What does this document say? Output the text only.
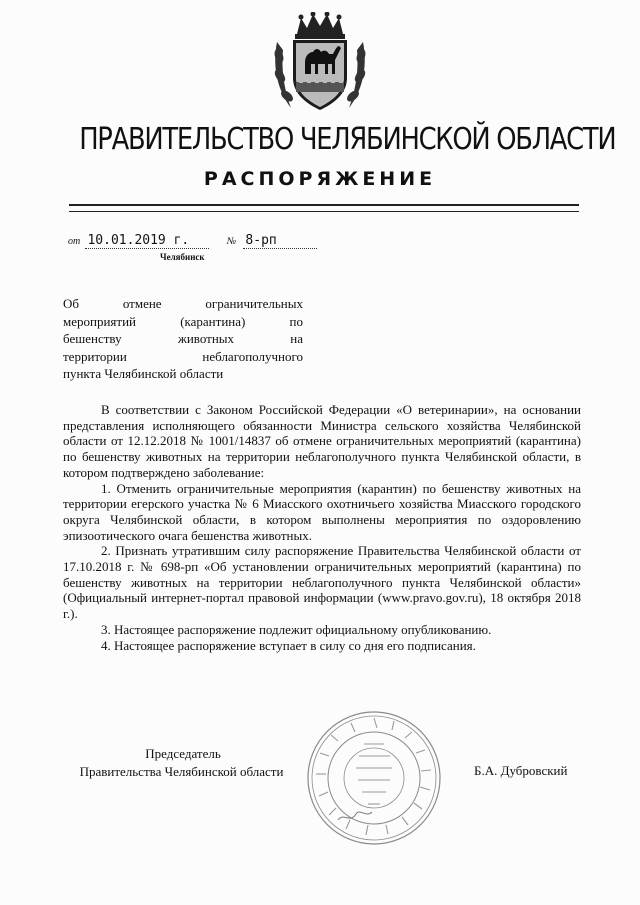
ПРАВИТЕЛЬСТВО ЧЕЛЯБИНСКОЙ ОБЛАСТИ
РАСПОРЯЖЕНИЕ
от 10.01.2019 г.	№ 8-рп
Челябинск
Об отмене ограничительных
мероприятий (карантина) по
бешенству животных на
территории неблагополучного
пункта Челябинской области

В соответствии с Законом Российской Федерации «О ветеринарии», на основании представления исполняющего обязанности Министра сельского хозяйства Челябинской области от 12.12.2018 № 1001/14837 об отмене ограничительных мероприятий (карантина) по бешенству животных на территории неблагополучного пункта Челябинской области, в котором подтверждено заболевание:

1. Отменить ограничительные мероприятия (карантин) по бешенству животных на территории егерского участка № 6 Миасского охотничьего хозяйства Миасского городского округа Челябинской области, в котором выполнены мероприятия по оздоровлению эпизоотического очага бешенства животных.

2. Признать утратившим силу распоряжение Правительства Челябинской области от 17.10.2018 г. № 698-рп «Об установлении ограничительных мероприятий (карантина) по бешенству животных на территории неблагополучного пункта Челябинской области» (Официальный интернет-портал правовой информации (www.pravo.gov.ru), 18 октября 2018 г.).

3. Настоящее распоряжение подлежит официальному опубликованию.

4. Настоящее распоряжение вступает в силу со дня его подписания.

Председатель
Правительства Челябинской области	Б.А. Дубровский
